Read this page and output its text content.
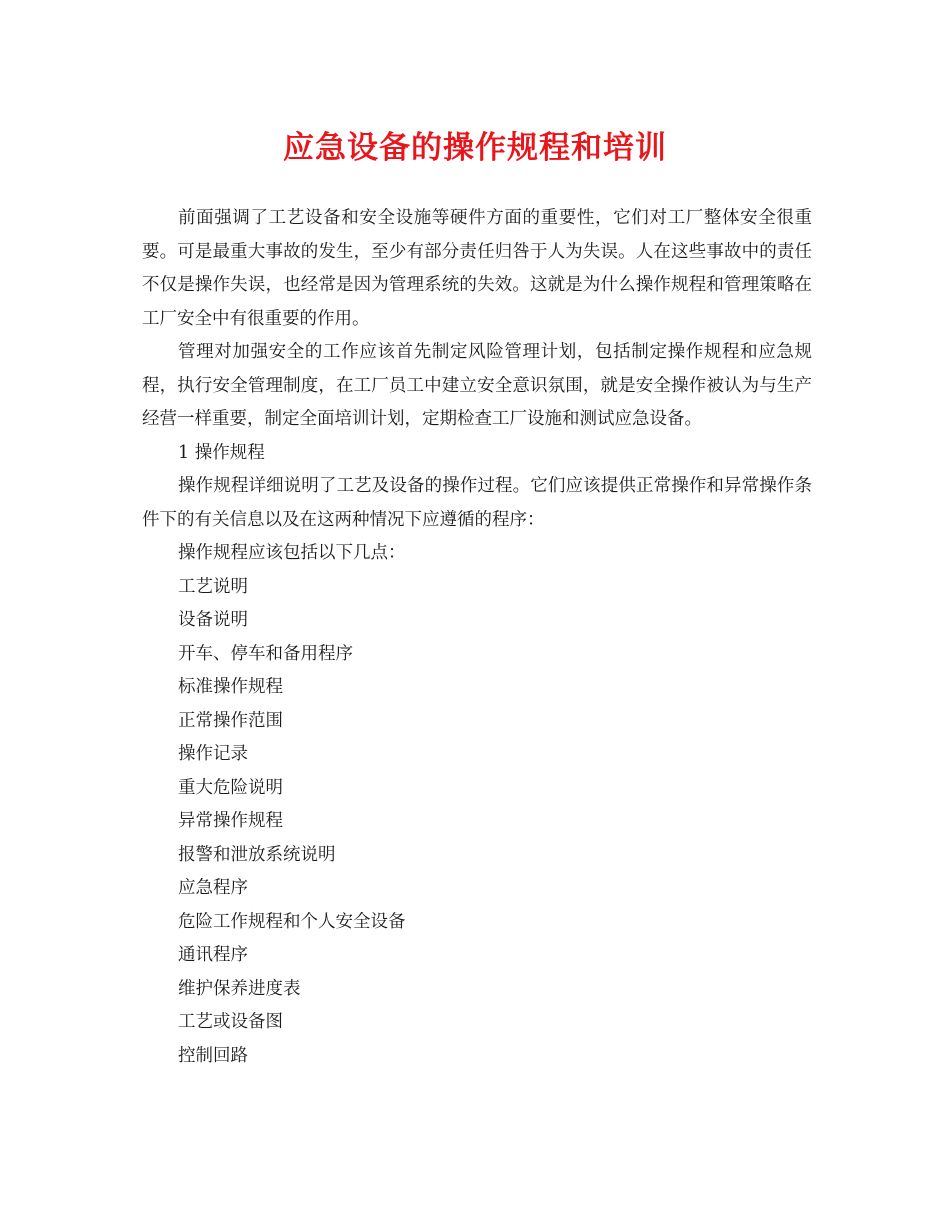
应急设备的操作规程和培训

前面强调了工艺设备和安全设施等硬件方面的重要性，它们对工厂整体安全很重要。可是最重大事故的发生，至少有部分责任归咎于人为失误。人在这些事故中的责任不仅是操作失误，也经常是因为管理系统的失效。这就是为什么操作规程和管理策略在工厂安全中有很重要的作用。

管理对加强安全的工作应该首先制定风险管理计划，包括制定操作规程和应急规程，执行安全管理制度，在工厂员工中建立安全意识氛围，就是安全操作被认为与生产经营一样重要，制定全面培训计划，定期检查工厂设施和测试应急设备。

1 操作规程

操作规程详细说明了工艺及设备的操作过程。它们应该提供正常操作和异常操作条件下的有关信息以及在这两种情况下应遵循的程序：

操作规程应该包括以下几点：

工艺说明

设备说明

开车、停车和备用程序

标准操作规程

正常操作范围

操作记录

重大危险说明

异常操作规程

报警和泄放系统说明

应急程序

危险工作规程和个人安全设备

通讯程序

维护保养进度表

工艺或设备图

控制回路
